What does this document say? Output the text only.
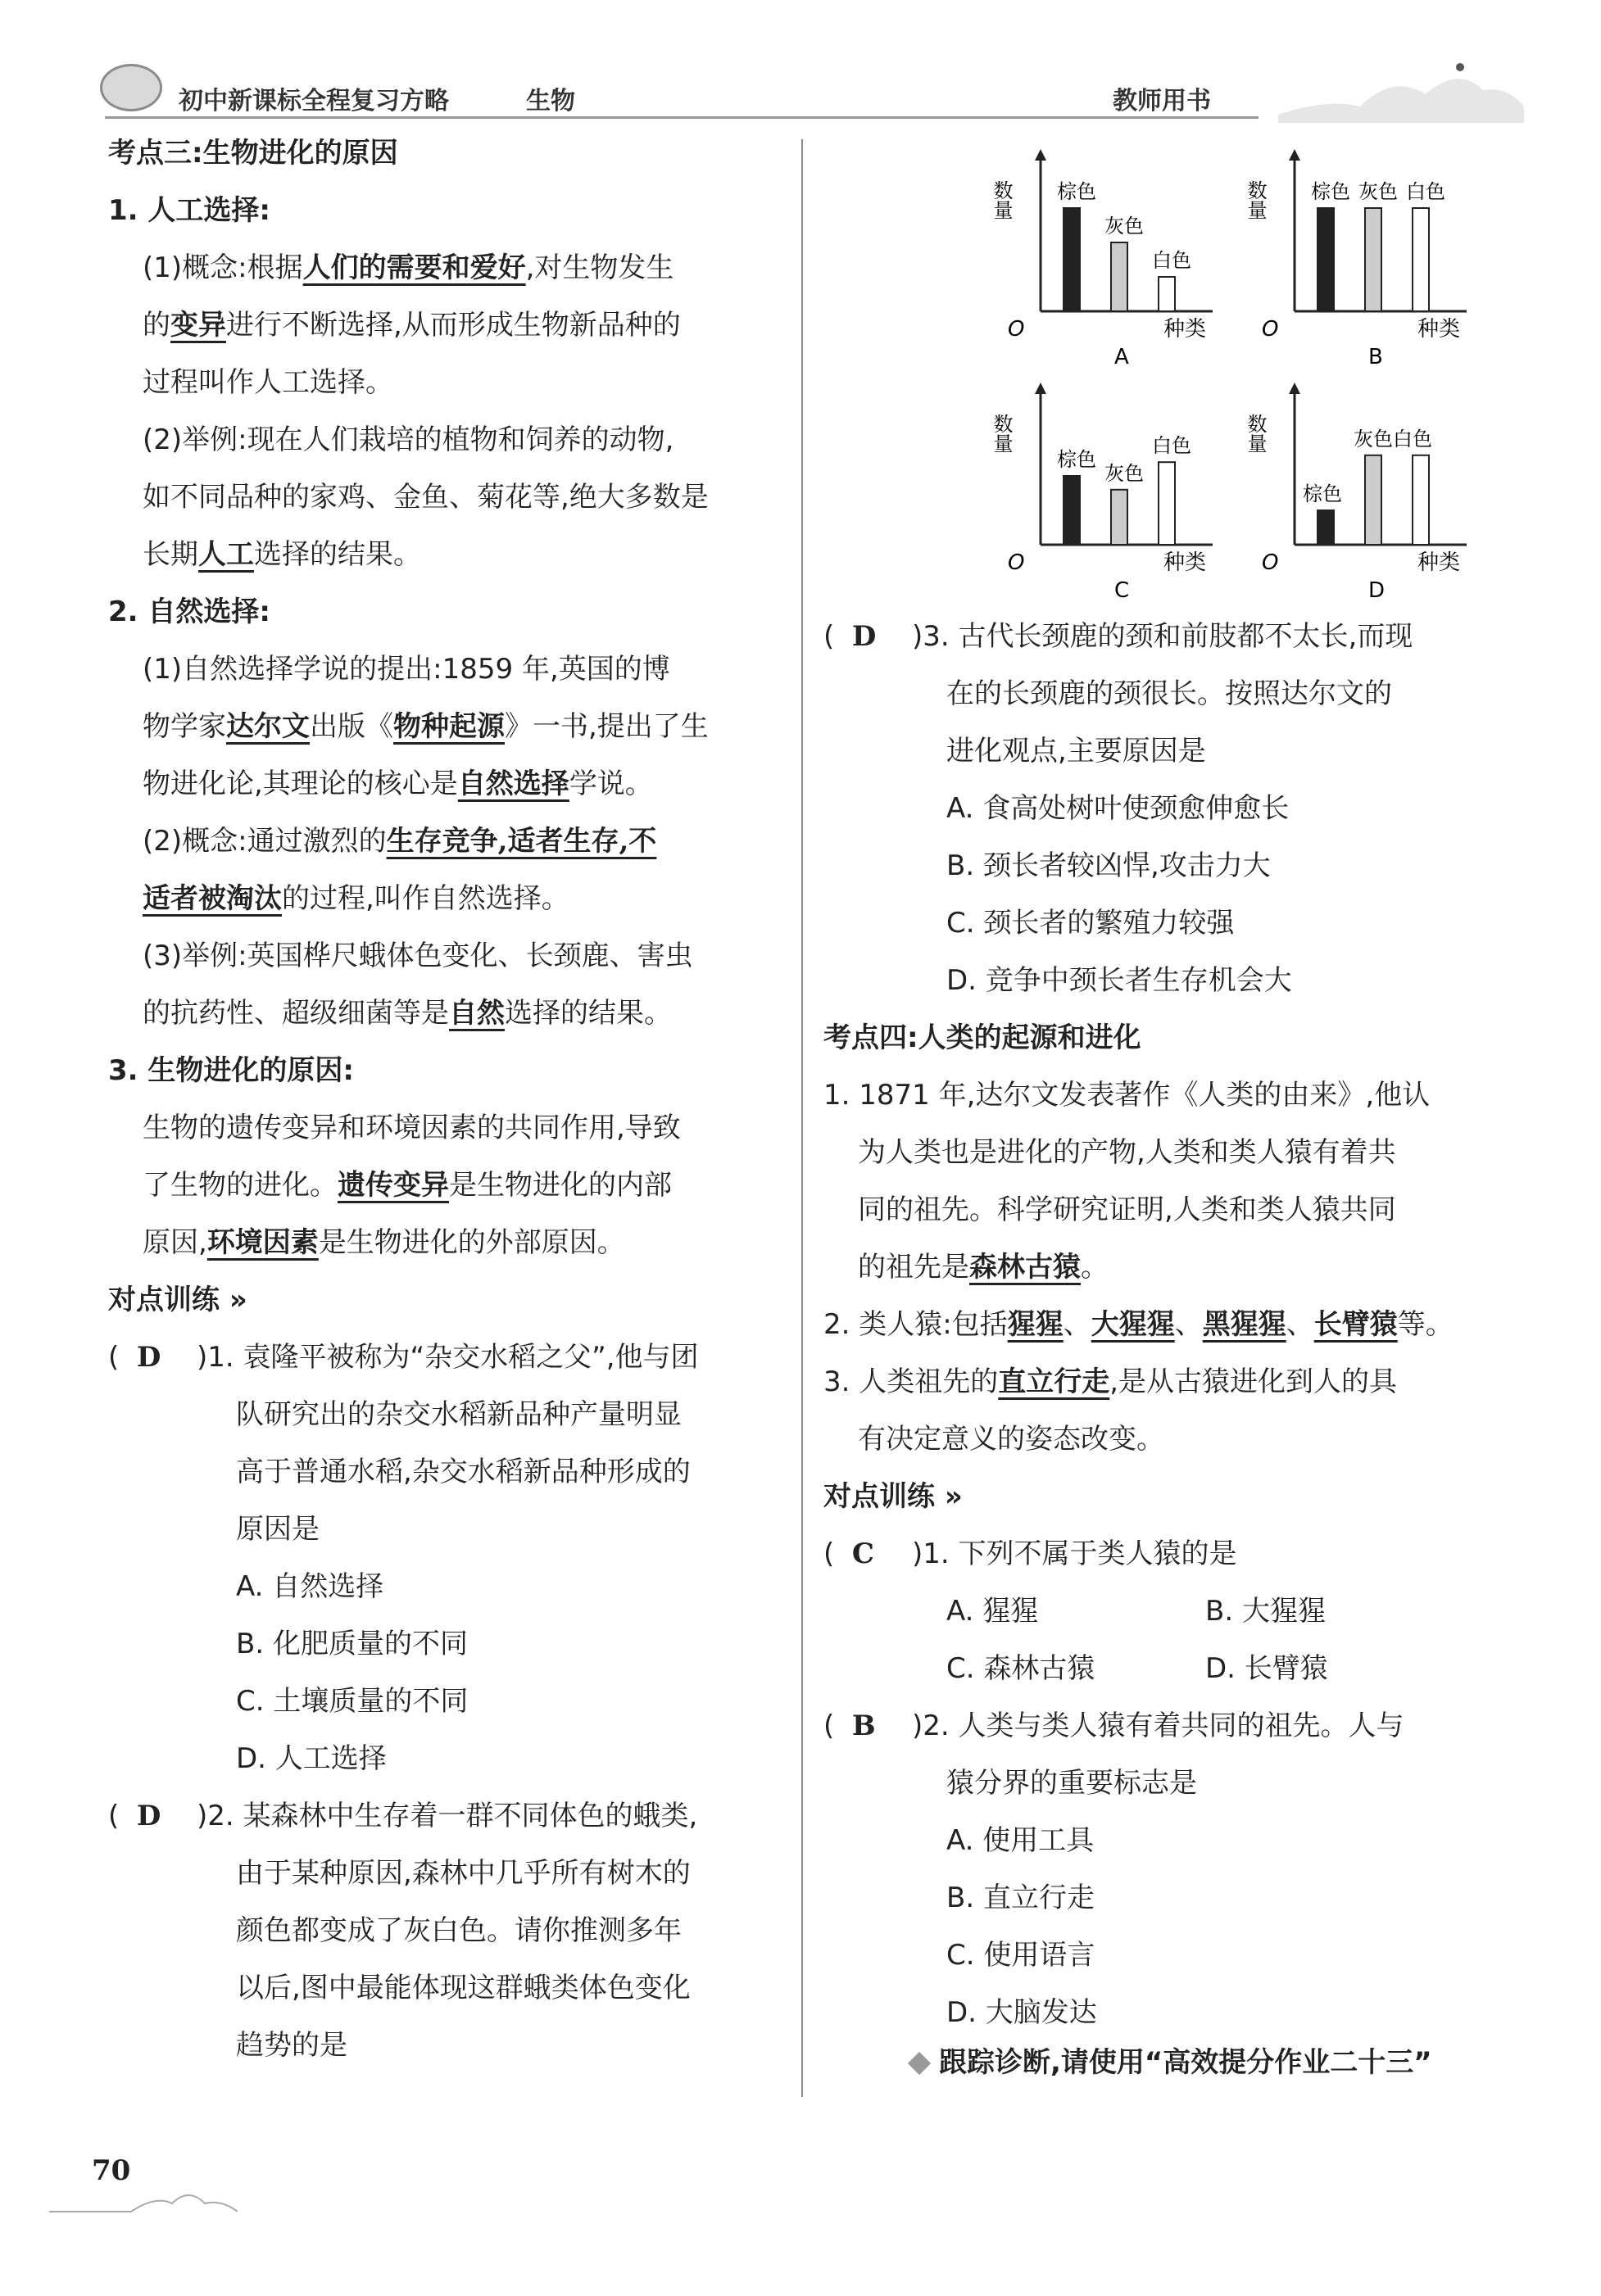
初中新课标全程复习方略	生物	教师用书
考点三:生物进化的原因
1. 人工选择:
(1)概念:根据人们的需要和爱好,对生物发生
的变异进行不断选择,从而形成生物新品种的
过程叫作人工选择。
(2)举例:现在人们栽培的植物和饲养的动物,
如不同品种的家鸡、金鱼、菊花等,绝大多数是
长期人工选择的结果。
2. 自然选择:
(1)自然选择学说的提出:1859 年,英国的博
物学家达尔文出版《物种起源》一书,提出了生
物进化论,其理论的核心是自然选择学说。
(2)概念:通过激烈的生存竞争,适者生存,不
适者被淘汰的过程,叫作自然选择。
(3)举例:英国桦尺蛾体色变化、长颈鹿、害虫
的抗药性、超级细菌等是自然选择的结果。
3. 生物进化的原因:
生物的遗传变异和环境因素的共同作用,导致
了生物的进化。遗传变异是生物进化的内部
原因,环境因素是生物进化的外部原因。
对点训练 »
(  D )1. 袁隆平被称为“杂交水稻之父”,他与团
队研究出的杂交水稻新品种产量明显
高于普通水稻,杂交水稻新品种形成的
原因是
A. 自然选择
B. 化肥质量的不同
C. 土壤质量的不同
D. 人工选择
(  D )2. 某森林中生存着一群不同体色的蛾类,
由于某种原因,森林中几乎所有树木的
颜色都变成了灰白色。请你推测多年
以后,图中最能体现这群蛾类体色变化
趋势的是
数量
O	种类
A
棕色
灰色
白色
数量
O	种类
B
棕色 灰色 白色
数量
O	种类
C
棕色
灰色
白色	数量
O	种类
D
灰色白色
棕色
(  D )3. 古代长颈鹿的颈和前肢都不太长,而现
在的长颈鹿的颈很长。按照达尔文的
进化观点,主要原因是
A. 食高处树叶使颈愈伸愈长
B. 颈长者较凶悍,攻击力大
C. 颈长者的繁殖力较强
D. 竞争中颈长者生存机会大
考点四:人类的起源和进化
1. 1871 年,达尔文发表著作《人类的由来》,他认
为人类也是进化的产物,人类和类人猿有着共
同的祖先。科学研究证明,人类和类人猿共同
的祖先是森林古猿。
2. 类人猿:包括猩猩、大猩猩、黑猩猩、长臂猿等。
3. 人类祖先的直立行走,是从古猿进化到人的具
有决定意义的姿态改变。
对点训练 »
(  C )1. 下列不属于类人猿的是
A. 猩猩	B. 大猩猩
C. 森林古猿	D. 长臂猿
(  B )2. 人类与类人猿有着共同的祖先。人与
猿分界的重要标志是
A. 使用工具
B. 直立行走
C. 使用语言
D. 大脑发达
跟踪诊断,请使用“高效提分作业二十三”
70
